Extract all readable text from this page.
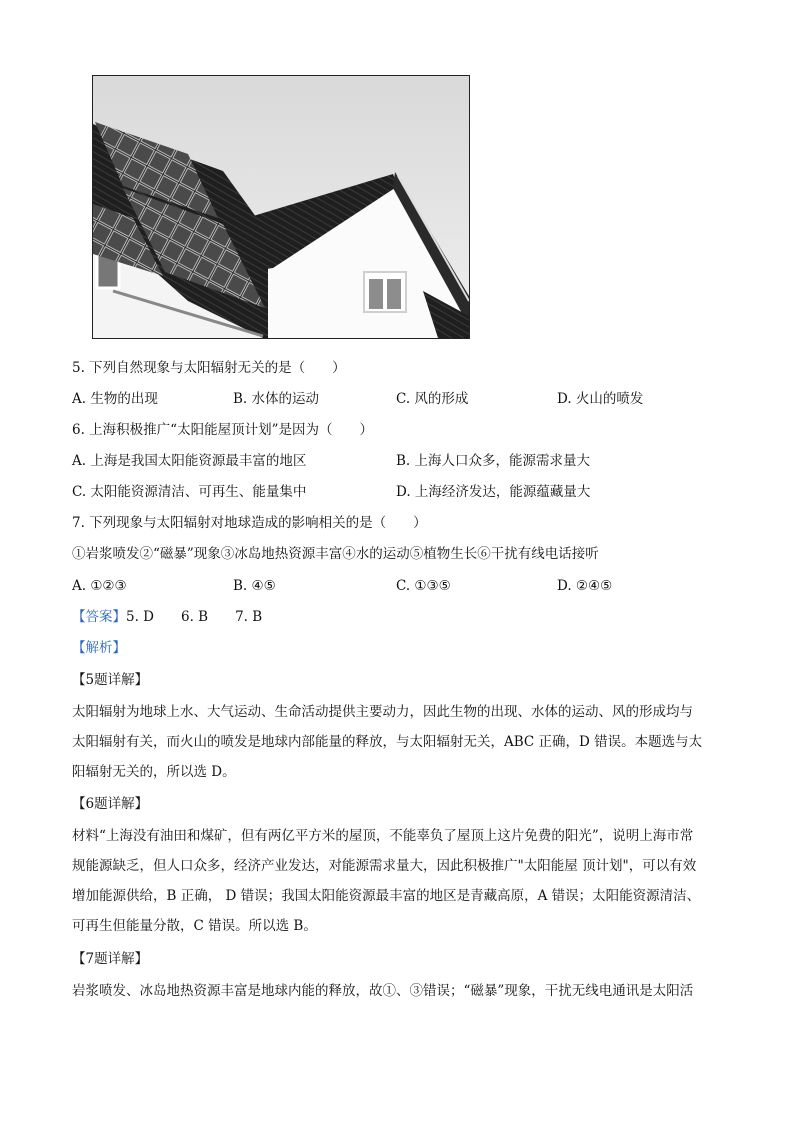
5. 下列自然现象与太阳辐射无关的是（　　）
A. 生物的出现	B. 水体的运动	C. 风的形成	D. 火山的喷发
6. 上海积极推广“太阳能屋顶计划”是因为（　　）
A. 上海是我国太阳能资源最丰富的地区	B. 上海人口众多，能源需求量大
C. 太阳能资源清洁、可再生、能量集中	D. 上海经济发达，能源蕴藏量大
7. 下列现象与太阳辐射对地球造成的影响相关的是（　　）
①岩浆喷发②“磁暴”现象③冰岛地热资源丰富④水的运动⑤植物生长⑥干扰有线电话接听
A. ①②③	B. ④⑤	C. ①③⑤	D. ②④⑤
【答案】5. D　　6. B　　7. B
【解析】
【5题详解】
太阳辐射为地球上水、大气运动、生命活动提供主要动力，因此生物的出现、水体的运动、风的形成均与
太阳辐射有关，而火山的喷发是地球内部能量的释放，与太阳辐射无关，ABC 正确，D 错误。本题选与太
阳辐射无关的，所以选 D。
【6题详解】
材料“上海没有油田和煤矿，但有两亿平方米的屋顶，不能辜负了屋顶上这片免费的阳光”，说明上海市常
规能源缺乏，但人口众多，经济产业发达，对能源需求量大，因此积极推广"太阳能屋 顶计划"，可以有效
增加能源供给，B 正确， D 错误；我国太阳能资源最丰富的地区是青藏高原，A 错误；太阳能资源清洁、
可再生但能量分散，C 错误。所以选 B。
【7题详解】
岩浆喷发、冰岛地热资源丰富是地球内能的释放，故①、③错误；“磁暴”现象，干扰无线电通讯是太阳活
